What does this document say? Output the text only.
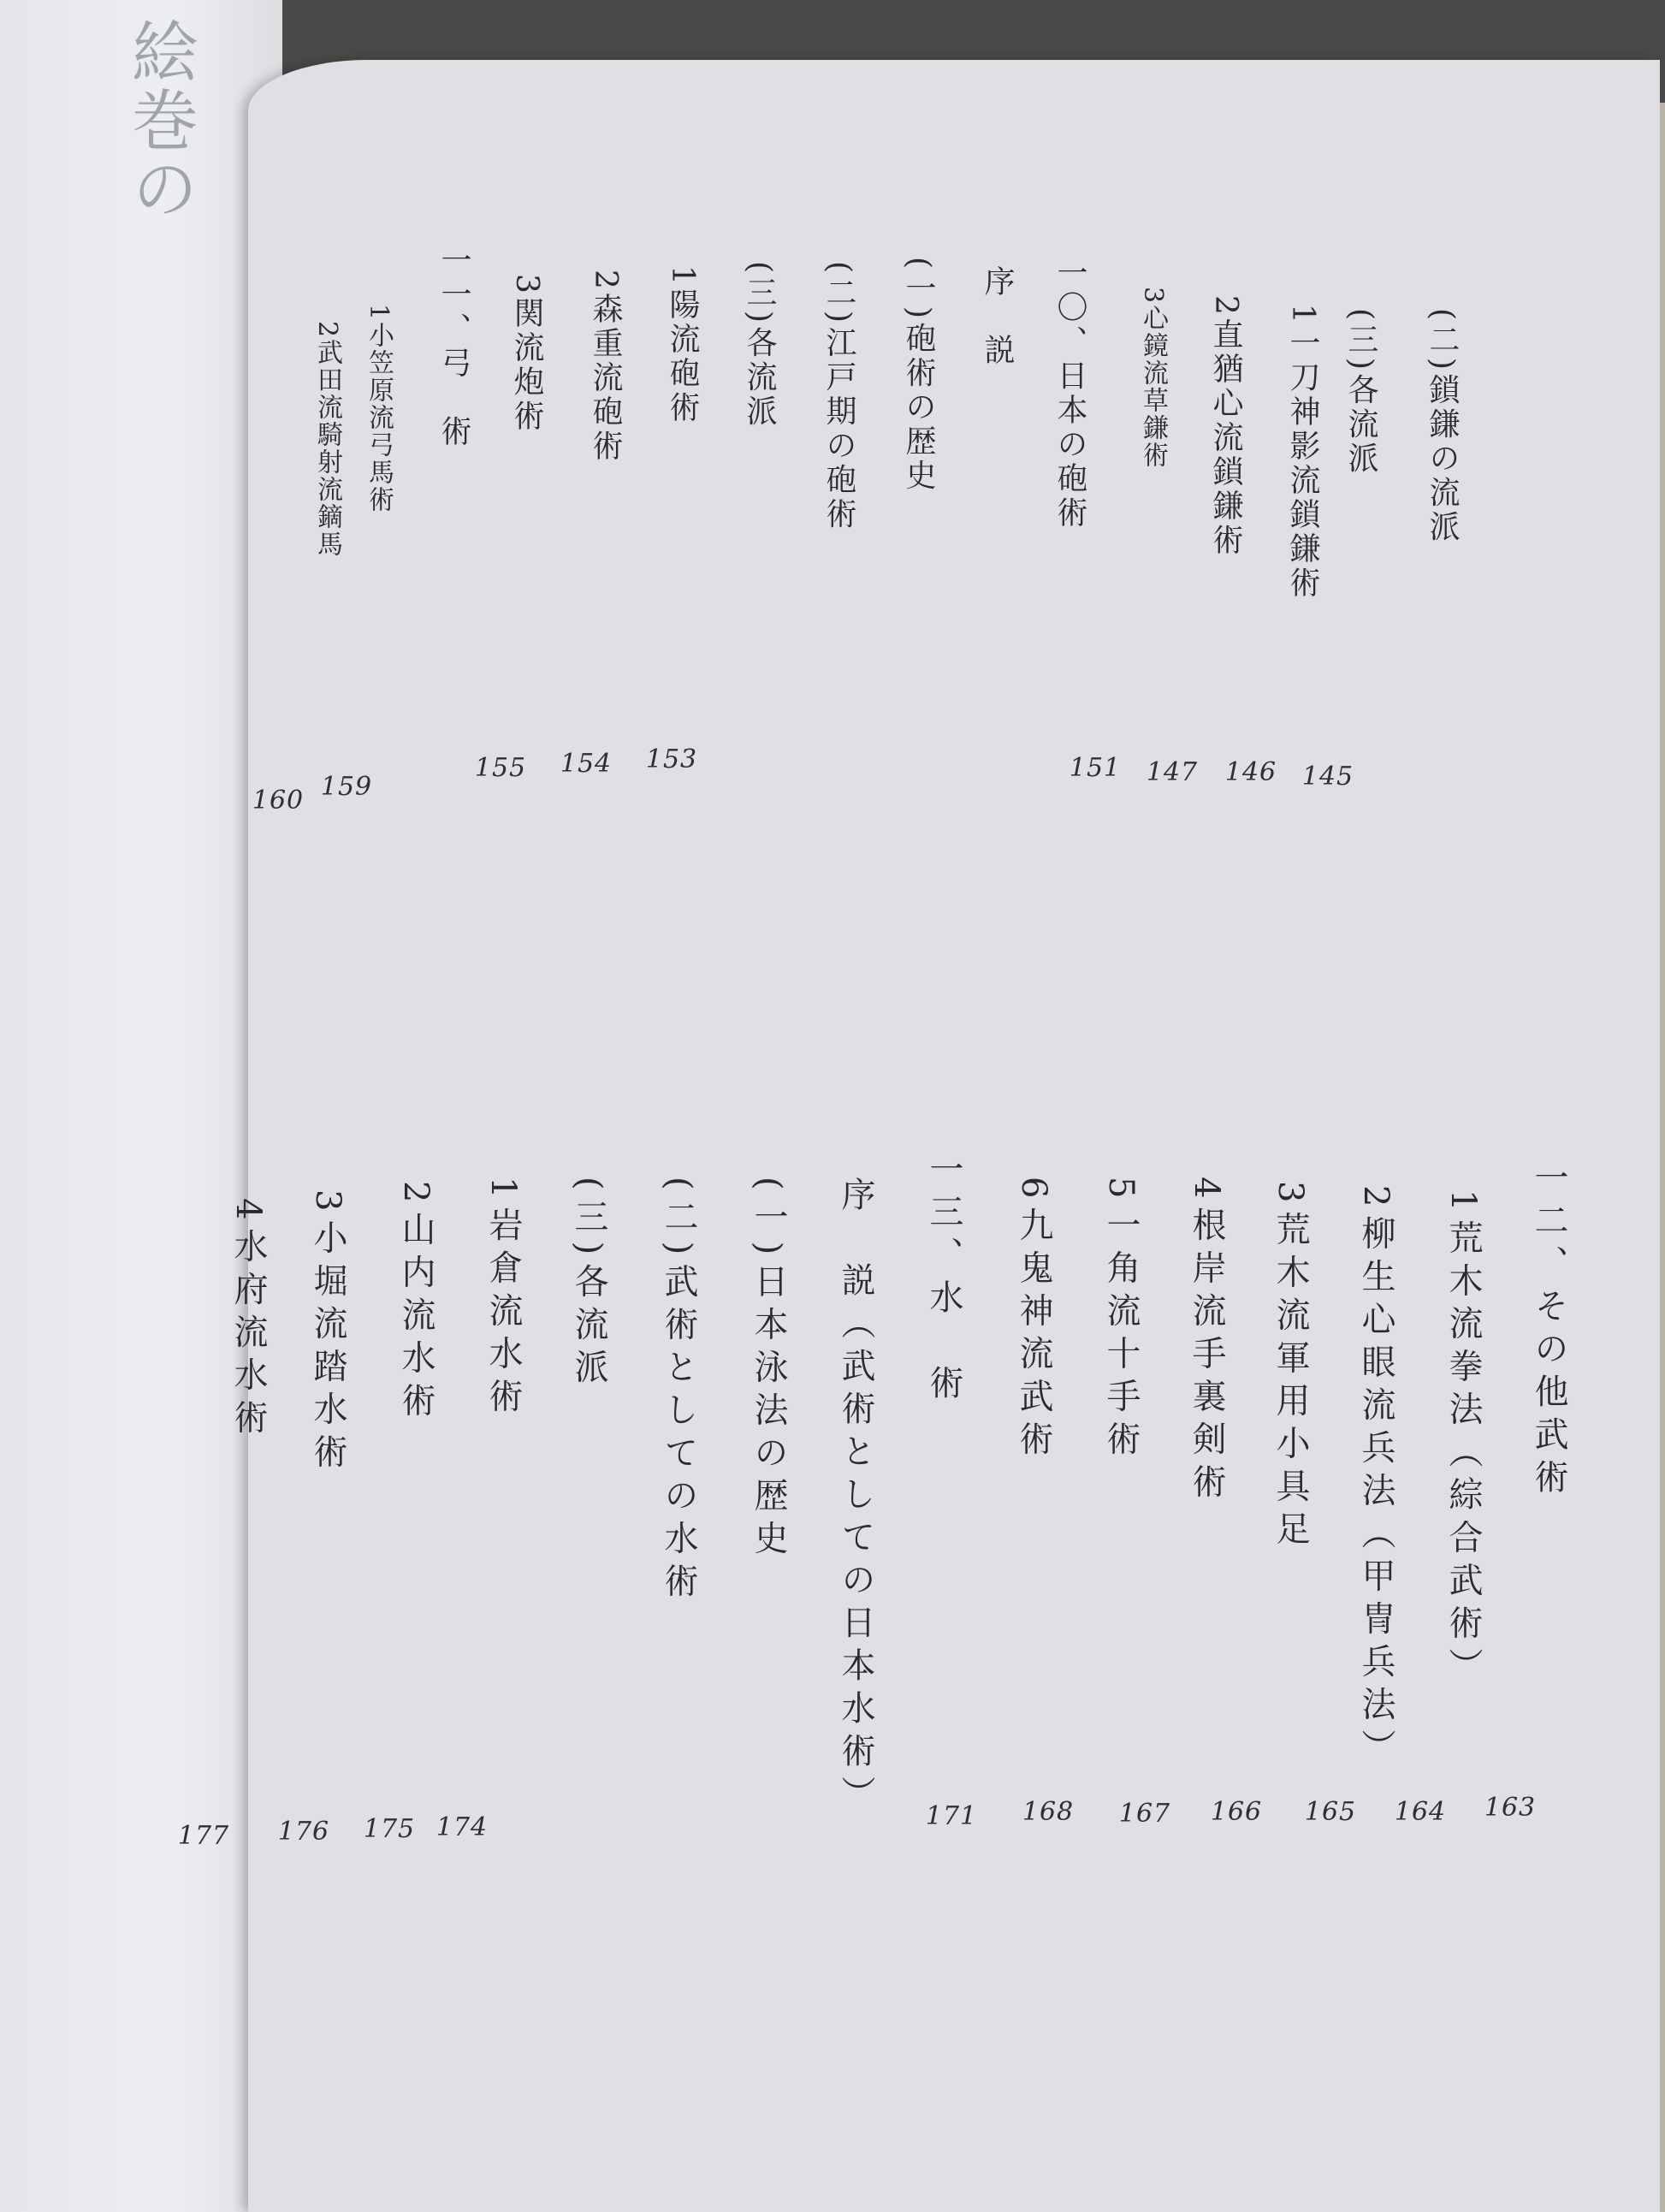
絵巻の
(二)鎖鎌の流派
(三)各流派
1一刀神影流鎖鎌術
2直猶心流鎖鎌術
3心鏡流草鎌術
一〇、日本の砲術
序　説
(一)砲術の歴史
(二)江戸期の砲術
(三)各流派
1陽流砲術
2森重流砲術
3関流炮術
一一、弓　術
1小笠原流弓馬術
2武田流騎射流鏑馬
145
146
147
151
153
154
155
159
160
一二、その他武術
1荒木流拳法（綜合武術）
2柳生心眼流兵法（甲冑兵法）
3荒木流軍用小具足
4根岸流手裏剣術
5一角流十手術
6九鬼神流武術
一三、水　術
序　説（武術としての日本水術）
(一)日本泳法の歴史
(二)武術としての水術
(三)各流派
1岩倉流水術
2山内流水術
3小堀流踏水術
4水府流水術
163
164
165
166
167
168
171
174
175
176
177
